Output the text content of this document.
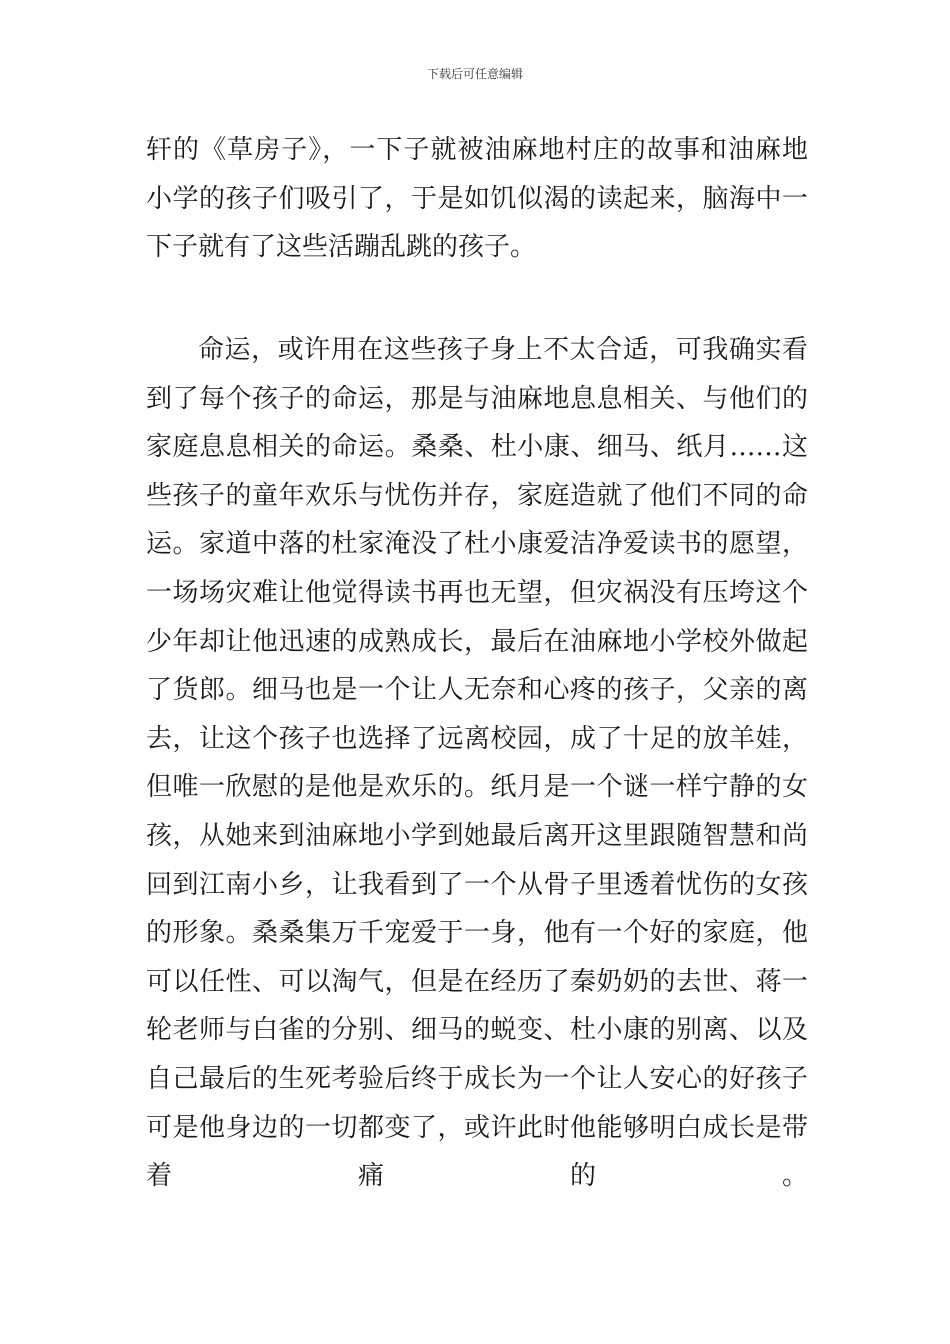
下载后可任意编辑
轩的《草房子》，一下子就被油麻地村庄的故事和油麻地
小学的孩子们吸引了，于是如饥似渴的读起来，脑海中一
下子就有了这些活蹦乱跳的孩子。
命运，或许用在这些孩子身上不太合适，可我确实看
到了每个孩子的命运，那是与油麻地息息相关、与他们的
家庭息息相关的命运。桑桑、杜小康、细马、纸月……这
些孩子的童年欢乐与忧伤并存，家庭造就了他们不同的命
运。家道中落的杜家淹没了杜小康爱洁净爱读书的愿望，
一场场灾难让他觉得读书再也无望，但灾祸没有压垮这个
少年却让他迅速的成熟成长，最后在油麻地小学校外做起
了货郎。细马也是一个让人无奈和心疼的孩子，父亲的离
去，让这个孩子也选择了远离校园，成了十足的放羊娃，
但唯一欣慰的是他是欢乐的。纸月是一个谜一样宁静的女
孩，从她来到油麻地小学到她最后离开这里跟随智慧和尚
回到江南小乡，让我看到了一个从骨子里透着忧伤的女孩
的形象。桑桑集万千宠爱于一身，他有一个好的家庭，他
可以任性、可以淘气，但是在经历了秦奶奶的去世、蒋一
轮老师与白雀的分别、细马的蜕变、杜小康的别离、以及
自己最后的生死考验后终于成长为一个让人安心的好孩子
可是他身边的一切都变了，或许此时他能够明白成长是带
着痛的。
